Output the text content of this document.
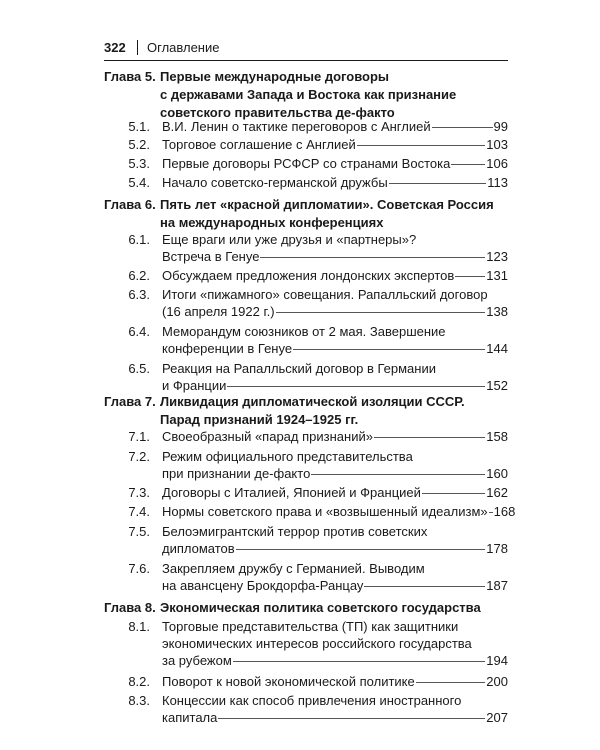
322 Оглавление
Глава 5. Первые международные договоры
с державами Запада и Востока как признание
советского правительства де-факто
5.1. В.И. Ленин о тактике переговоров с Англией	99
5.2. Торговое соглашение с Англией	103
5.3. Первые договоры РСФСР со странами Востока	106
5.4. Начало советско-германской дружбы	113
Глава 6. Пять лет «красной дипломатии». Советская Россия
на международных конференциях
6.1. Еще враги или уже друзья и «партнеры»?
Встреча в Генуе	123
6.2. Обсуждаем предложения лондонских экспертов 131
6.3. Итоги «пижамного» совещания. Рапалльский договор
(16 апреля 1922 г.)	138
6.4. Меморандум союзников от 2 мая. Завершение
конференции в Генуе	144
6.5. Реакция на Рапалльский договор в Германии
и Франции	152
Глава 7. Ликвидация дипломатической изоляции СССР.
Парад признаний 1924–1925 гг.
7.1. Своеобразный «парад признаний»	158
7.2. Режим официального представительства
при признании де-факто	160
7.3. Договоры с Италией, Японией и Францией	162
7.4. Нормы советского права и «возвышенный идеализм» 168
7.5. Белоэмигрантский террор против советских
дипломатов	178
7.6. Закрепляем дружбу с Германией. Выводим
на авансцену Брокдорфа-Ранцау	187
Глава 8. Экономическая политика советского государства
8.1. Торговые представительства (ТП) как защитники
экономических интересов российского государства
за рубежом	194
8.2. Поворот к новой экономической политике	200
8.3. Концессии как способ привлечения иностранного
капитала	207
